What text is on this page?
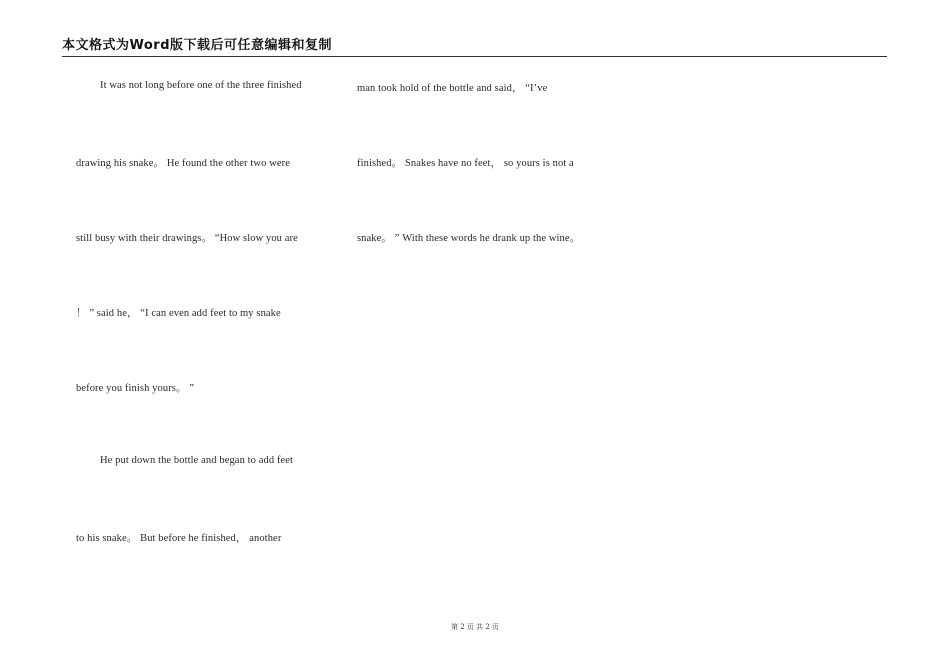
本文格式为Word版下载后可任意编辑和复制
It was not long before one of the three finished
drawing his snake。 He found the other two were
still busy with their drawings。 “How slow you are
！ ” said he， “I can even add feet to my snake
before you finish yours。 ”
He put down the bottle and began to add feet
to his snake。 But before he finished， another
man took hold of the bottle and said， “I’ve
finished。 Snakes have no feet， so yours is not a
snake。 ” With these words he drank up the wine。
第 2 页 共 2 页
